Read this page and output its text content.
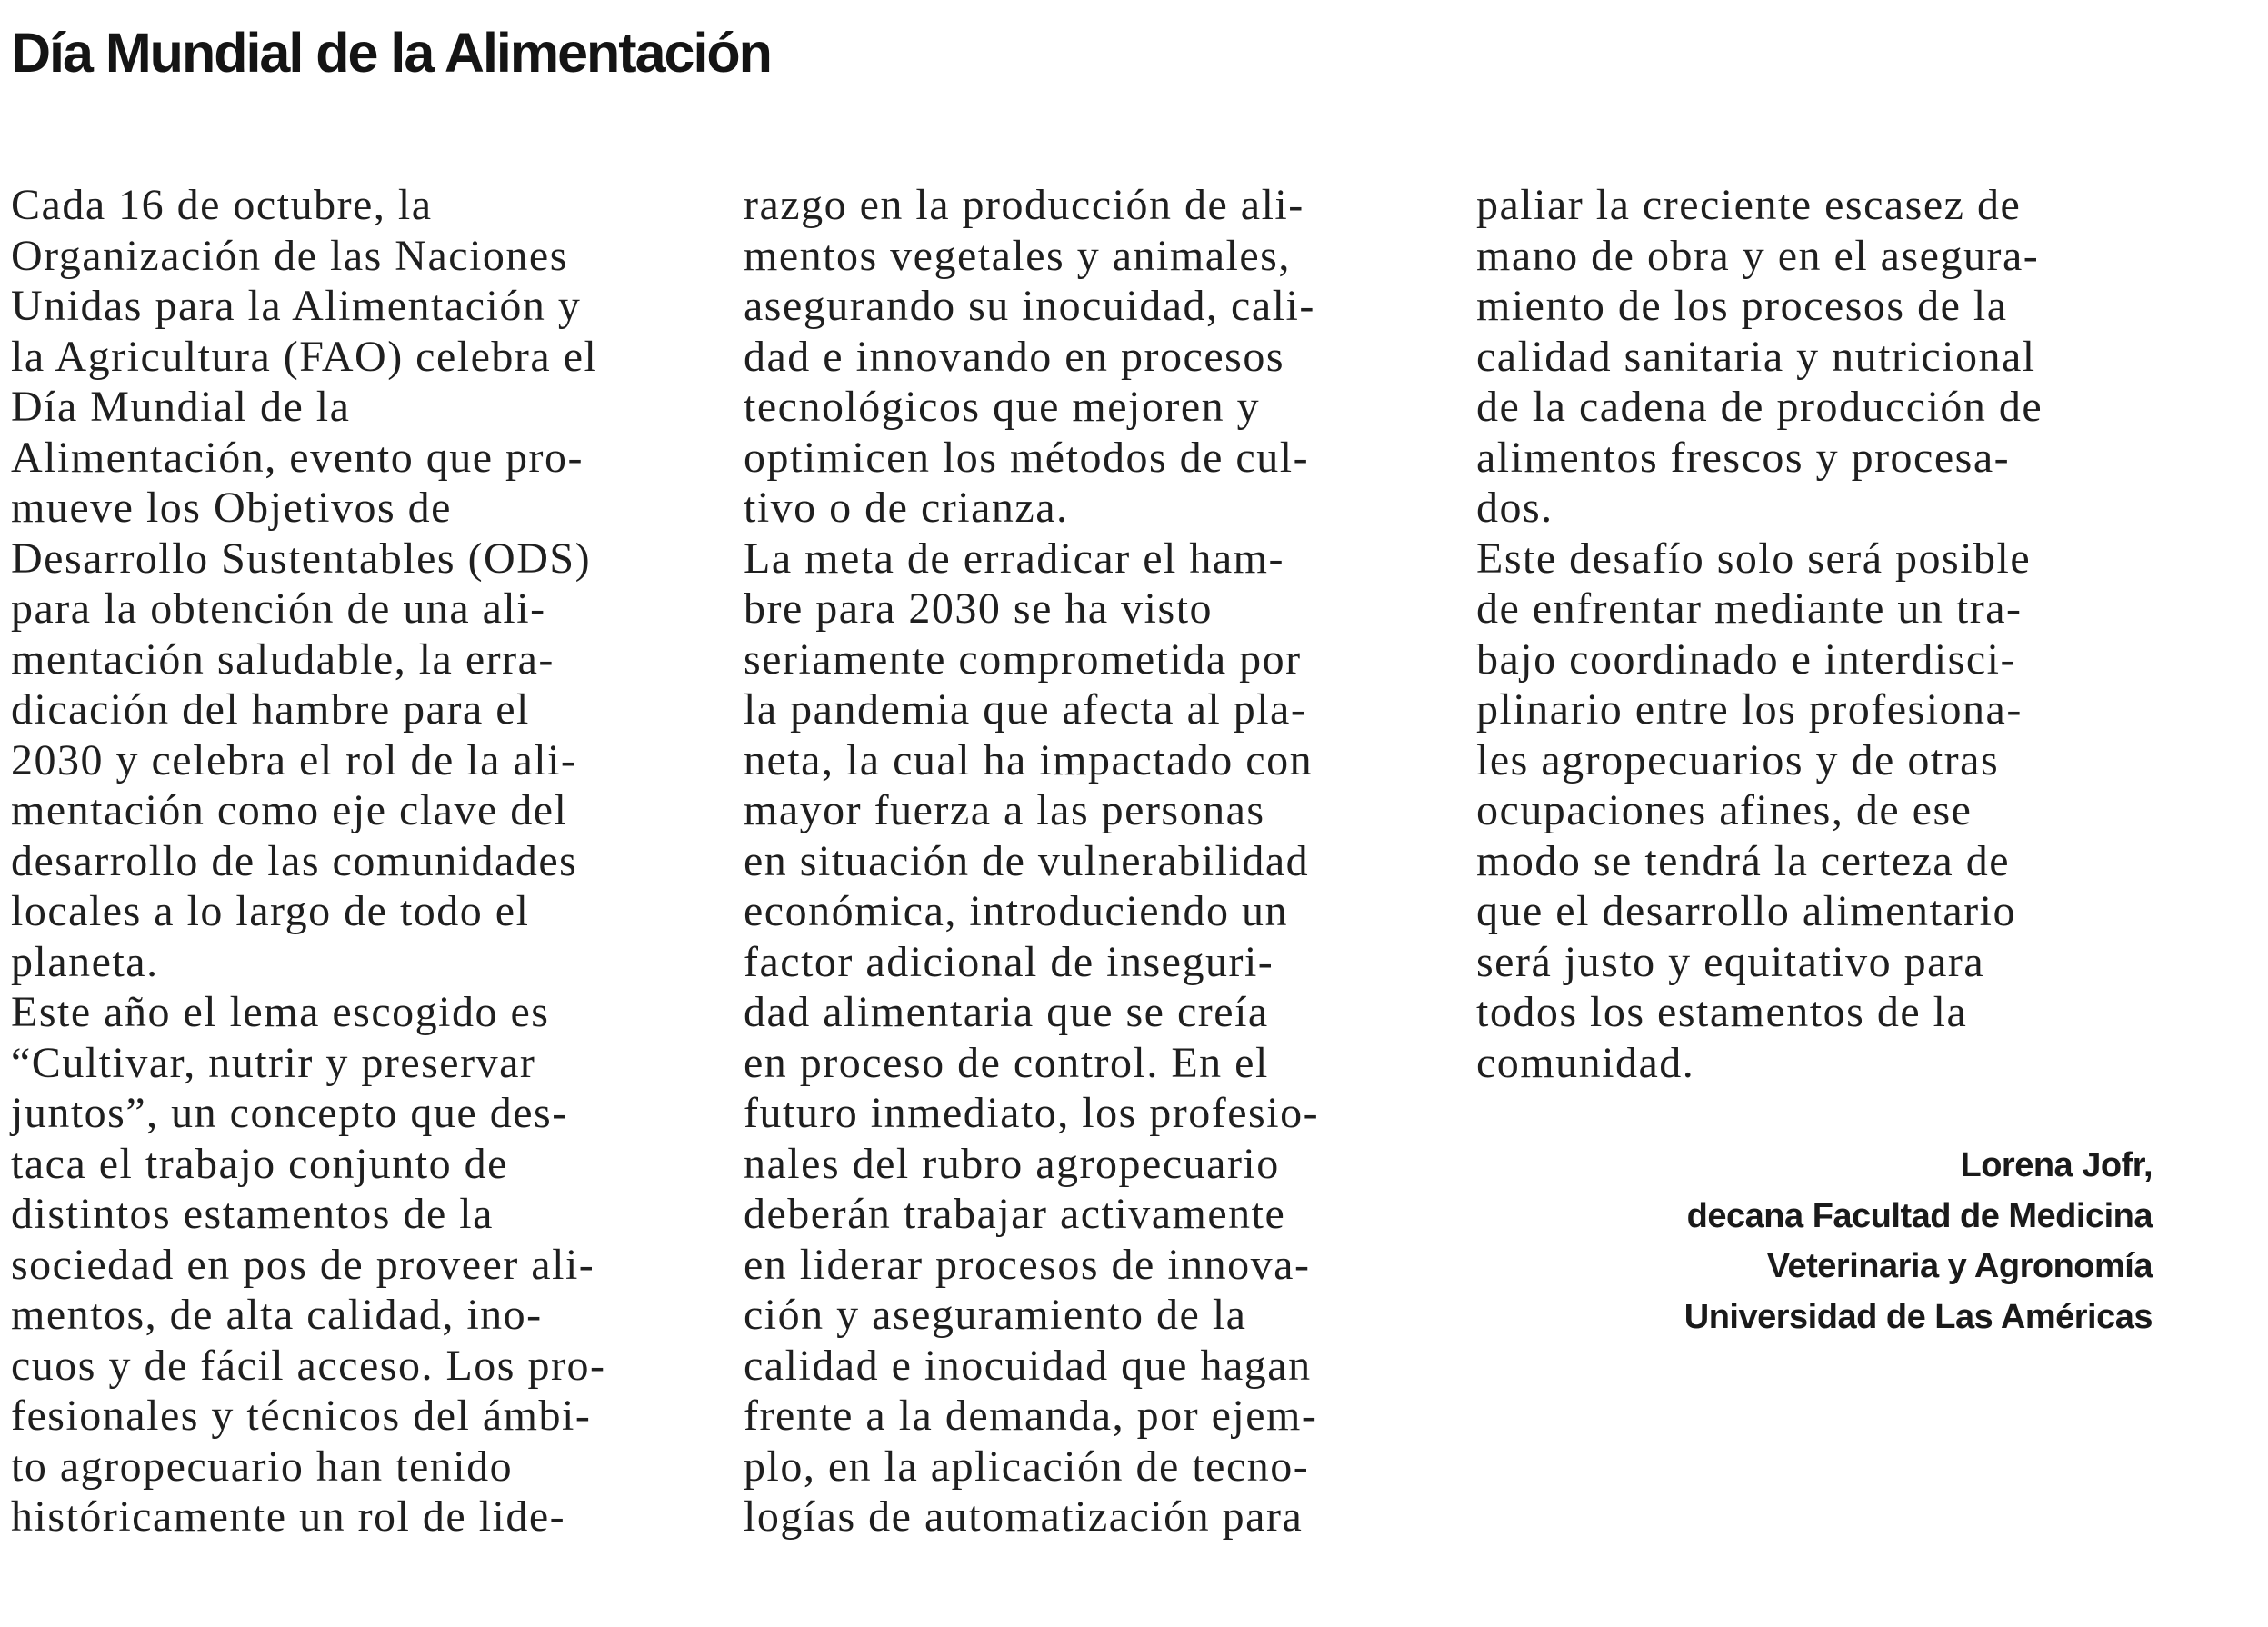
Día Mundial de la Alimentación
Cada 16 de octubre, la
Organización de las Naciones
Unidas para la Alimentación y
la Agricultura (FAO) celebra el
Día Mundial de la
Alimentación, evento que pro-
mueve los Objetivos de
Desarrollo Sustentables (ODS)
para la obtención de una ali-
mentación saludable, la erra-
dicación del hambre para el
2030 y celebra el rol de la ali-
mentación como eje clave del
desarrollo de las comunidades
locales a lo largo de todo el
planeta.
Este año el lema escogido es
“Cultivar, nutrir y preservar
juntos”, un concepto que des-
taca el trabajo conjunto de
distintos estamentos de la
sociedad en pos de proveer ali-
mentos, de alta calidad, ino-
cuos y de fácil acceso. Los pro-
fesionales y técnicos del ámbi-
to agropecuario han tenido
históricamente un rol de lide-
razgo en la producción de ali-
mentos vegetales y animales,
asegurando su inocuidad, cali-
dad e innovando en procesos
tecnológicos que mejoren y
optimicen los métodos de cul-
tivo o de crianza.
La meta de erradicar el ham-
bre para 2030 se ha visto
seriamente comprometida por
la pandemia que afecta al pla-
neta, la cual ha impactado con
mayor fuerza a las personas
en situación de vulnerabilidad
económica, introduciendo un
factor adicional de inseguri-
dad alimentaria que se creía
en proceso de control. En el
futuro inmediato, los profesio-
nales del rubro agropecuario
deberán trabajar activamente
en liderar procesos de innova-
ción y aseguramiento de la
calidad e inocuidad que hagan
frente a la demanda, por ejem-
plo, en la aplicación de tecno-
logías de automatización para
paliar la creciente escasez de
mano de obra y en el asegura-
miento de los procesos de la
calidad sanitaria y nutricional
de la cadena de producción de
alimentos frescos y procesa-
dos.
Este desafío solo será posible
de enfrentar mediante un tra-
bajo coordinado e interdisci-
plinario entre los profesiona-
les agropecuarios y de otras
ocupaciones afines, de ese
modo se tendrá la certeza de
que el desarrollo alimentario
será justo y equitativo para
todos los estamentos de la
comunidad.
Lorena Jofr,
decana Facultad de Medicina
Veterinaria y Agronomía
Universidad de Las Américas
